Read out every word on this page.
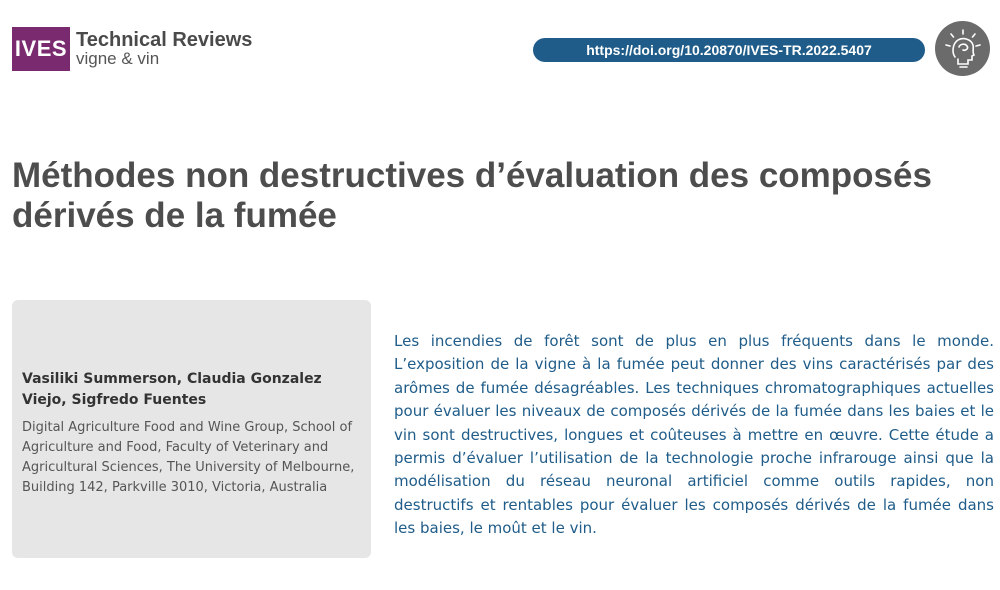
IVES Technical Reviews
vigne & vin	https://doi.org/10.20870/IVES-TR.2022.5407
Méthodes non destructives d’évaluation des composés dérivés de la fumée
Vasiliki Summerson, Claudia Gonzalez Viejo, Sigfredo Fuentes
Digital Agriculture Food and Wine Group, School of Agriculture and Food, Faculty of Veterinary and Agricultural Sciences, The University of Melbourne, Building 142, Parkville 3010, Victoria, Australia

Les incendies de forêt sont de plus en plus fréquents dans le monde. L’exposition de la vigne à la fumée peut donner des vins caractérisés par des arômes de fumée désagréables. Les techniques chromatographiques actuelles pour évaluer les niveaux de composés dérivés de la fumée dans les baies et le vin sont destructives, longues et coûteuses à mettre en œuvre. Cette étude a permis d’évaluer l’utilisation de la technologie proche infrarouge ainsi que la modélisation du réseau neuronal artificiel comme outils rapides, non destructifs et rentables pour évaluer les composés dérivés de la fumée dans les baies, le moût et le vin.
